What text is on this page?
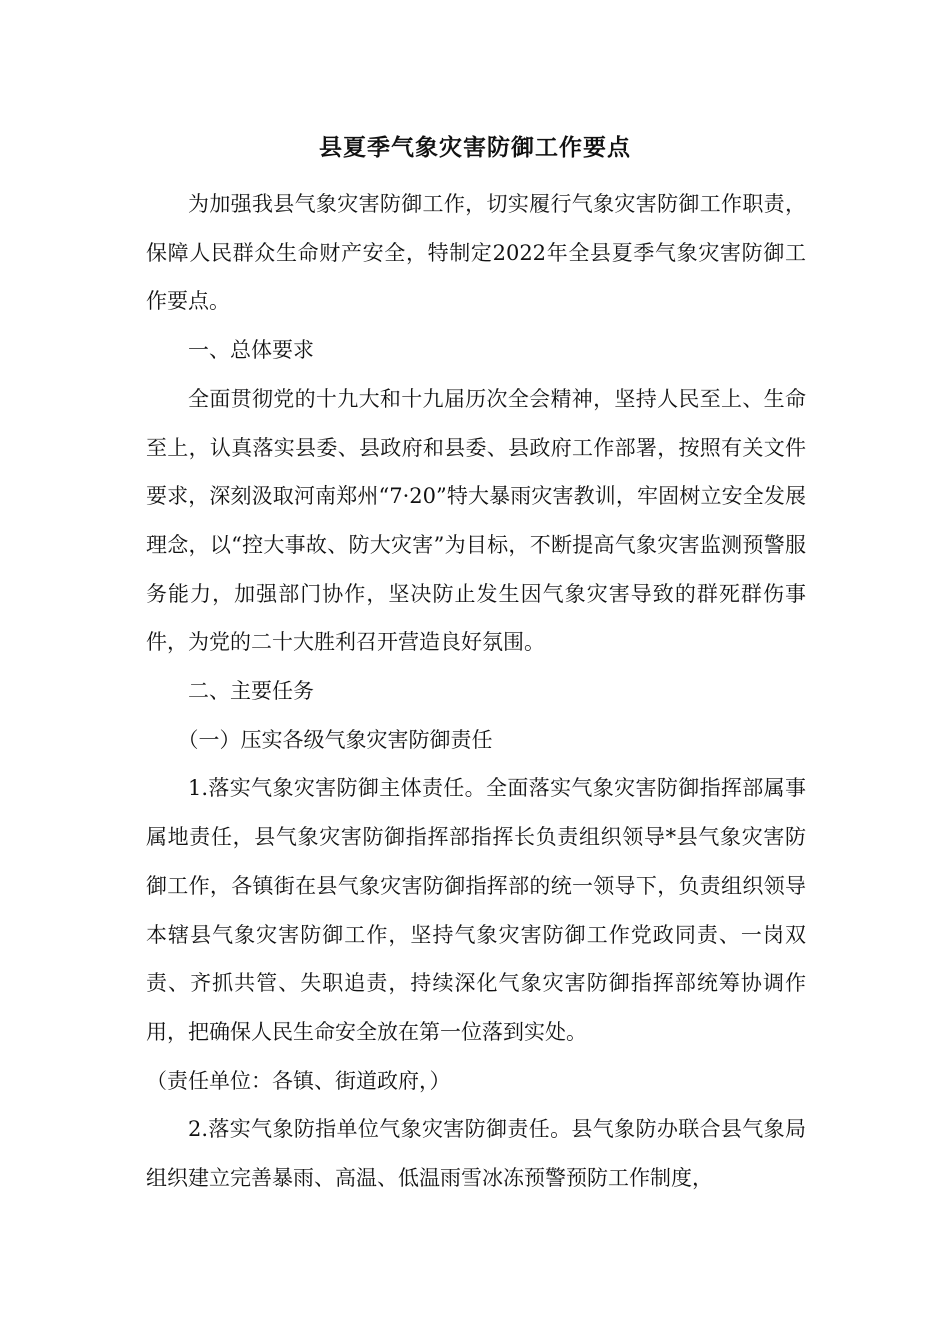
县夏季气象灾害防御工作要点

为加强我县气象灾害防御工作，切实履行气象灾害防御工作职责，保障人民群众生命财产安全，特制定2022年全县夏季气象灾害防御工作要点。

一、总体要求

全面贯彻党的十九大和十九届历次全会精神，坚持人民至上、生命至上，认真落实县委、县政府和县委、县政府工作部署，按照有关文件要求，深刻汲取河南郑州“7·20”特大暴雨灾害教训，牢固树立安全发展理念，以“控大事故、防大灾害”为目标，不断提高气象灾害监测预警服务能力，加强部门协作，坚决防止发生因气象灾害导致的群死群伤事件，为党的二十大胜利召开营造良好氛围。

二、主要任务

（一）压实各级气象灾害防御责任

1.落实气象灾害防御主体责任。全面落实气象灾害防御指挥部属事属地责任，县气象灾害防御指挥部指挥长负责组织领导*县气象灾害防御工作，各镇街在县气象灾害防御指挥部的统一领导下，负责组织领导本辖县气象灾害防御工作，坚持气象灾害防御工作党政同责、一岗双责、齐抓共管、失职追责，持续深化气象灾害防御指挥部统筹协调作用，把确保人民生命安全放在第一位落到实处。

（责任单位：各镇、街道政府，）

2.落实气象防指单位气象灾害防御责任。县气象防办联合县气象局组织建立完善暴雨、高温、低温雨雪冰冻预警预防工作制度，
